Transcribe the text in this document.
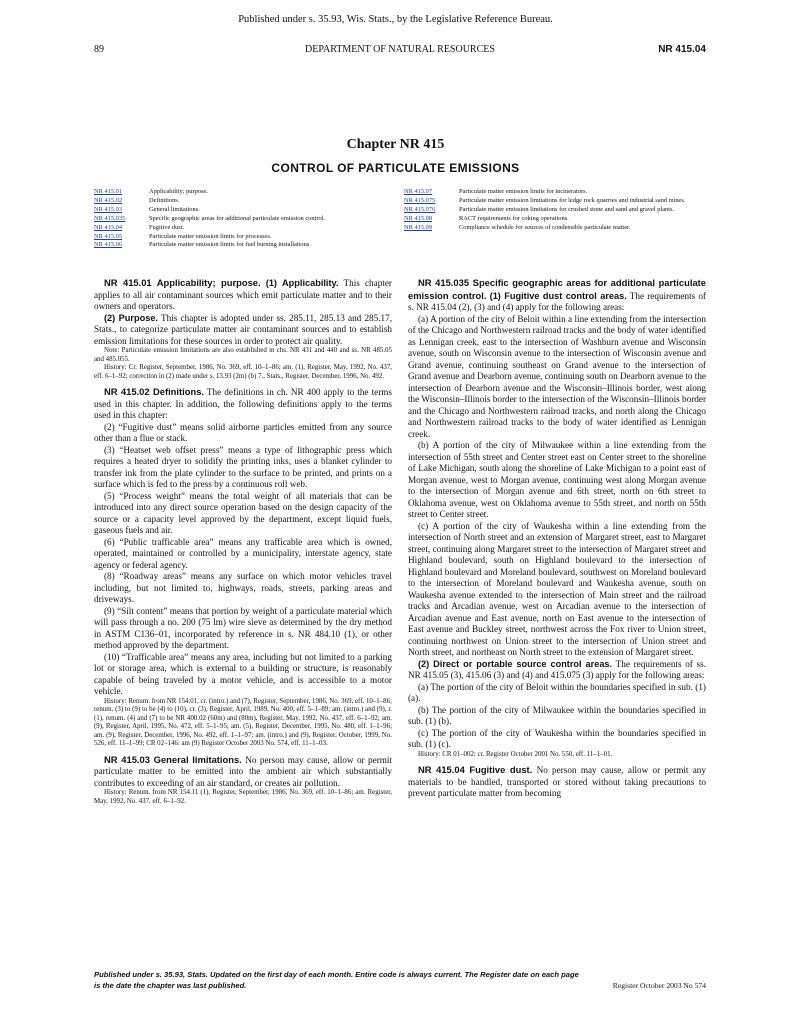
Published under s. 35.93, Wis. Stats., by the Legislative Reference Bureau.
89	DEPARTMENT OF NATURAL RESOURCES	NR 415.04
Chapter NR 415
CONTROL OF PARTICULATE EMISSIONS
NR 415.01	Applicability; purpose.
NR 415.02	Definitions.
NR 415.03	General limitations.
NR 415.035	Specific geographic areas for additional particulate emission control.
NR 415.04	Fugitive dust.
NR 415.05	Particulate matter emission limits for processes.
NR 415.06	Particulate matter emission limits for fuel burning installations.
NR 415.07	Particulate matter emission limits for incinerators.
NR 415.075	Particulate matter emission limitations for ledge rock quarries and industrial sand mines.
NR 415.076	Particulate matter emission limitations for crushed stone and sand and gravel plants.
NR 415.08	RACT requirements for coking operations.
NR 415.09	Compliance schedule for sources of condensible particulate matter.

NR 415.01 Applicability; purpose. (1) Applicability. This chapter applies to all air contaminant sources which emit particulate matter and to their owners and operators.

(2) Purpose. This chapter is adopted under ss. 285.11, 285.13 and 285.17, Stats., to categorize particulate matter air contaminant sources and to establish emission limitations for these sources in order to protect air quality.

Note: Particulate emission limitations are also established in chs. NR 431 and 440 and ss. NR 485.05 and 485.055.

History: Cr. Register, September, 1986, No. 369, eff. 10–1–86; am. (1), Register, May, 1992, No. 437, eff. 6–1–92; correction in (2) made under s. 13.93 (2m) (b) 7., Stats., Register, December, 1996, No. 492.

NR 415.02 Definitions. The definitions in ch. NR 400 apply to the terms used in this chapter. In addition, the following definitions apply to the terms used in this chapter:

(2) “Fugitive dust” means solid airborne particles emitted from any source other than a flue or stack.

(3) “Heatset web offset press” means a type of lithographic press which requires a heated dryer to solidify the printing inks, uses a blanket cylinder to transfer ink from the plate cylinder to the surface to be printed, and prints on a surface which is fed to the press by a continuous roll web.

(5) “Process weight” means the total weight of all materials that can be introduced into any direct source operation based on the design capacity of the source or a capacity level approved by the department, except liquid fuels, gaseous fuels and air.

(6) “Public trafficable area” means any trafficable area which is owned, operated, maintained or controlled by a municipality, interstate agency, state agency or federal agency.

(8) “Roadway areas” means any surface on which motor vehicles travel including, but not limited to, highways, roads, streets, parking areas and driveways.

(9) “Silt content” means that portion by weight of a particulate material which will pass through a no. 200 (75 lm) wire sieve as determined by the dry method in ASTM C136–01, incorporated by reference in s. NR 484.10 (1), or other method approved by the department.

(10) “Trafficable area” means any area, including but not limited to a parking lot or storage area, which is external to a building or structure, is reasonably capable of being traveled by a motor vehicle, and is accessible to a motor vehicle.

History: Renum. from NR 154.01, cr. (intro.) and (7), Register, September, 1986, No. 369, eff. 10–1–86; renum. (3) to (9) to be (4) to (10), cr. (3), Register, April, 1989, No. 400, eff. 5–1–89; am. (intro.) and (9), r. (1), renum. (4) and (7) to be NR 400.02 (60m) and (80m), Register, May, 1992, No. 437, eff. 6–1–92; am. (9), Register, April, 1995, No. 472, eff. 5–1–95; am. (5), Register, December, 1995, No. 480, eff. 1–1–96; am. (9), Register, December, 1996, No. 492, eff. 1–1–97; am. (intro.) and (9), Register, October, 1999, No. 526, eff. 11–1–99; CR 02–146: am (9) Register October 2003 No. 574, eff. 11–1–03.

NR 415.03 General limitations. No person may cause, allow or permit particulate matter to be emitted into the ambient air which substantially contributes to exceeding of an air standard, or creates air pollution.

History: Renum. from NR 154.11 (1), Register, September, 1986, No. 369, eff. 10–1–86; am. Register, May, 1992, No. 437, eff. 6–1–92.

NR 415.035 Specific geographic areas for additional particulate emission control. (1) Fugitive dust control areas. The requirements of s. NR 415.04 (2), (3) and (4) apply for the following areas:

(a) A portion of the city of Beloit within a line extending from the intersection of the Chicago and Northwestern railroad tracks and the body of water identified as Lennigan creek, east to the intersection of Washburn avenue and Wisconsin avenue, south on Wisconsin avenue to the intersection of Wisconsin avenue and Grand avenue, continuing southeast on Grand avenue to the intersection of Grand avenue and Dearborn avenue, continuing south on Dearborn avenue to the intersection of Dearborn avenue and the Wisconsin–Illinois border, west along the Wisconsin–Illinois border to the intersection of the Wisconsin–Illinois border and the Chicago and Northwestern railroad tracks, and north along the Chicago and Northwestern railroad tracks to the body of water identified as Lennigan creek.

(b) A portion of the city of Milwaukee within a line extending from the intersection of 55th street and Center street east on Center street to the shoreline of Lake Michigan, south along the shoreline of Lake Michigan to a point east of Morgan avenue, west to Morgan avenue, continuing west along Morgan avenue to the intersection of Morgan avenue and 6th street, north on 6th street to Oklahoma avenue, west on Oklahoma avenue to 55th street, and north on 55th street to Center street.

(c) A portion of the city of Waukesha within a line extending from the intersection of North street and an extension of Margaret street, east to Margaret street, continuing along Margaret street to the intersection of Margaret street and Highland boulevard, south on Highland boulevard to the intersection of Highland boulevard and Moreland boulevard, southwest on Moreland boulevard to the intersection of Moreland boulevard and Waukesha avenue, south on Waukesha avenue extended to the intersection of Main street and the railroad tracks and Arcadian avenue, west on Arcadian avenue to the intersection of Arcadian avenue and East avenue, north on East avenue to the intersection of East avenue and Buckley street, northwest across the Fox river to Union street, continuing northwest on Union street to the intersection of Union street and North street, and northeast on North street to the extension of Margaret street.

(2) Direct or portable source control areas. The requirements of ss. NR 415.05 (3), 415.06 (3) and (4) and 415.075 (3) apply for the following areas:

(a) The portion of the city of Beloit within the boundaries specified in sub. (1) (a).

(b) The portion of the city of Milwaukee within the boundaries specified in sub. (1) (b).

(c) The portion of the city of Waukesha within the boundaries specified in sub. (1) (c).

History: CR 01–002: cr. Register October 2001 No. 550, eff. 11–1–01.

NR 415.04 Fugitive dust. No person may cause, allow or permit any materials to be handled, transported or stored without taking precautions to prevent particulate matter from becoming

Published under s. 35.93, Stats. Updated on the first day of each month. Entire code is always current. The Register date on each page
is the date the chapter was last published.	Register October 2003 No 574
